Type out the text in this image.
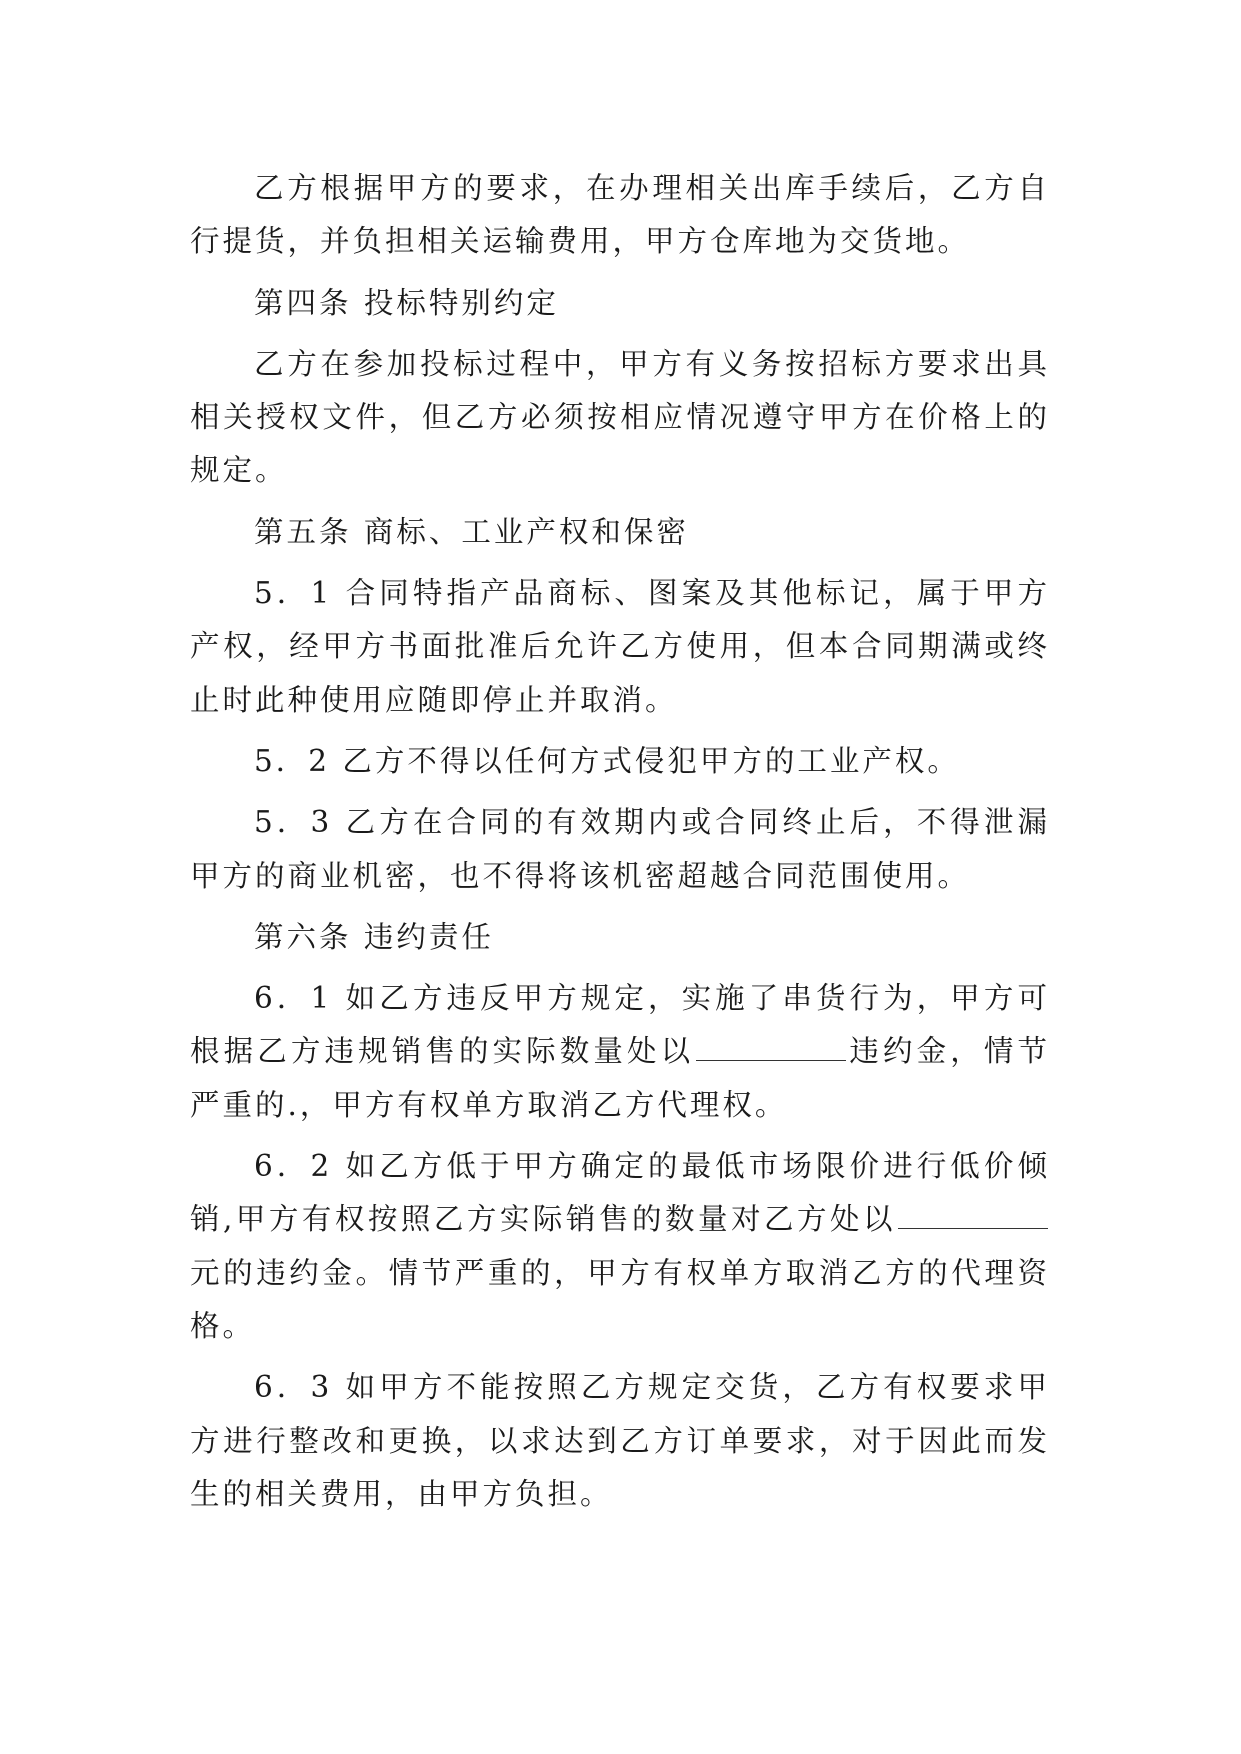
乙方根据甲方的要求，在办理相关出库手续后，乙方自行提货，并负担相关运输费用，甲方仓库地为交货地。

第四条 投标特别约定

乙方在参加投标过程中，甲方有义务按招标方要求出具相关授权文件，但乙方必须按相应情况遵守甲方在价格上的规定。

第五条 商标、工业产权和保密

5．1 合同特指产品商标、图案及其他标记，属于甲方产权，经甲方书面批准后允许乙方使用，但本合同期满或终止时此种使用应随即停止并取消。

5．2 乙方不得以任何方式侵犯甲方的工业产权。

5．3 乙方在合同的有效期内或合同终止后，不得泄漏甲方的商业机密，也不得将该机密超越合同范围使用。

第六条 违约责任

6．1 如乙方违反甲方规定，实施了串货行为，甲方可根据乙方违规销售的实际数量处以	违约金，情节严重的.，甲方有权单方取消乙方代理权。

6．2 如乙方低于甲方确定的最低市场限价进行低价倾销,甲方有权按照乙方实际销售的数量对乙方处以元的违约金。情节严重的，甲方有权单方取消乙方的代理资格。

6．3 如甲方不能按照乙方规定交货，乙方有权要求甲方进行整改和更换，以求达到乙方订单要求，对于因此而发生的相关费用，由甲方负担。
